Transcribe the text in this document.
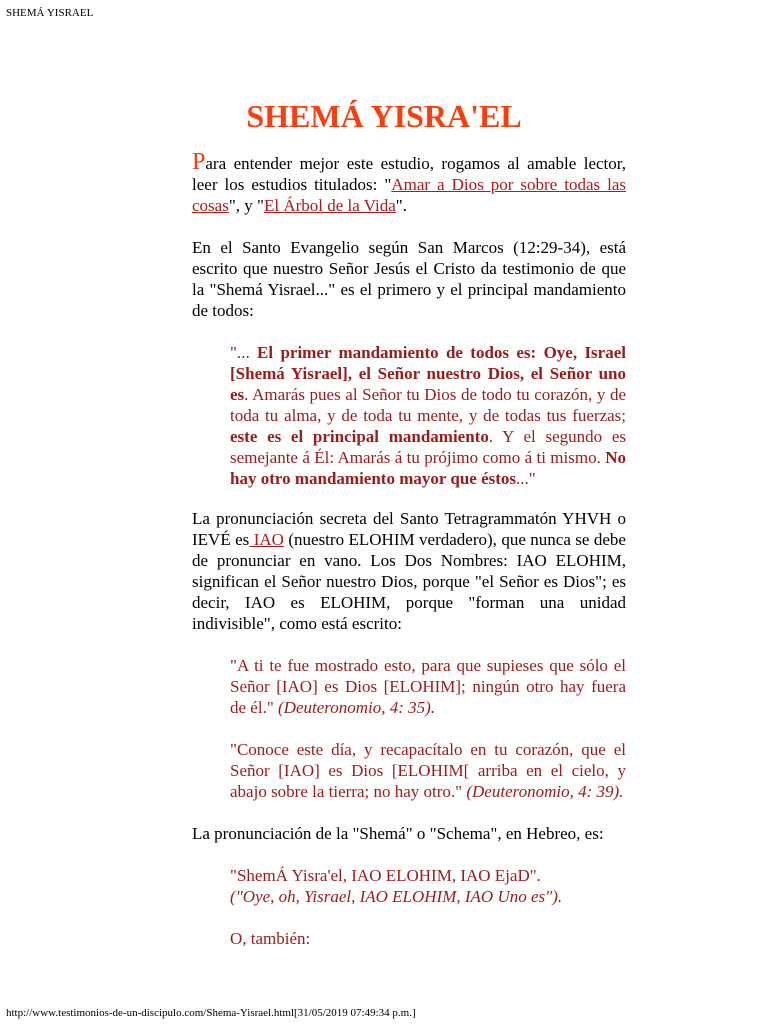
SHEMÁ YISRAEL
SHEMÁ YISRA'EL

Para entender mejor este estudio, rogamos al amable lector, leer los estudios titulados: "Amar a Dios por sobre todas las cosas", y "El Árbol de la Vida".

En el Santo Evangelio según San Marcos (12:29-34), está escrito que nuestro Señor Jesús el Cristo da testimonio de que la "Shemá Yisrael..." es el primero y el principal mandamiento de todos:

"... El primer mandamiento de todos es: Oye, Israel [Shemá Yisrael], el Señor nuestro Dios, el Señor uno es. Amarás pues al Señor tu Dios de todo tu corazón, y de toda tu alma, y de toda tu mente, y de todas tus fuerzas; este es el principal mandamiento. Y el segundo es semejante á Él: Amarás á tu prójimo como á ti mismo. No hay otro mandamiento mayor que éstos..."

La pronunciación secreta del Santo Tetragrammatón YHVH o IEVÉ es IAO (nuestro ELOHIM verdadero), que nunca se debe de pronunciar en vano. Los Dos Nombres: IAO ELOHIM, significan el Señor nuestro Dios, porque "el Señor es Dios"; es decir, IAO es ELOHIM, porque "forman una unidad indivisible", como está escrito:

"A ti te fue mostrado esto, para que supieses que sólo el Señor [IAO] es Dios [ELOHIM]; ningún otro hay fuera de él." (Deuteronomio, 4: 35).

"Conoce este día, y recapacítalo en tu corazón, que el Señor [IAO] es Dios [ELOHIM[ arriba en el cielo, y abajo sobre la tierra; no hay otro." (Deuteronomio, 4: 39).

La pronunciación de la "Shemá" o "Schema", en Hebreo, es:

"ShemÁ Yisra'el, IAO ELOHIM, IAO EjaD".
("Oye, oh, Yisrael, IAO ELOHIM, IAO Uno es").

O, también:

http://www.testimonios-de-un-discipulo.com/Shema-Yisrael.html[31/05/2019 07:49:34 p.m.]
